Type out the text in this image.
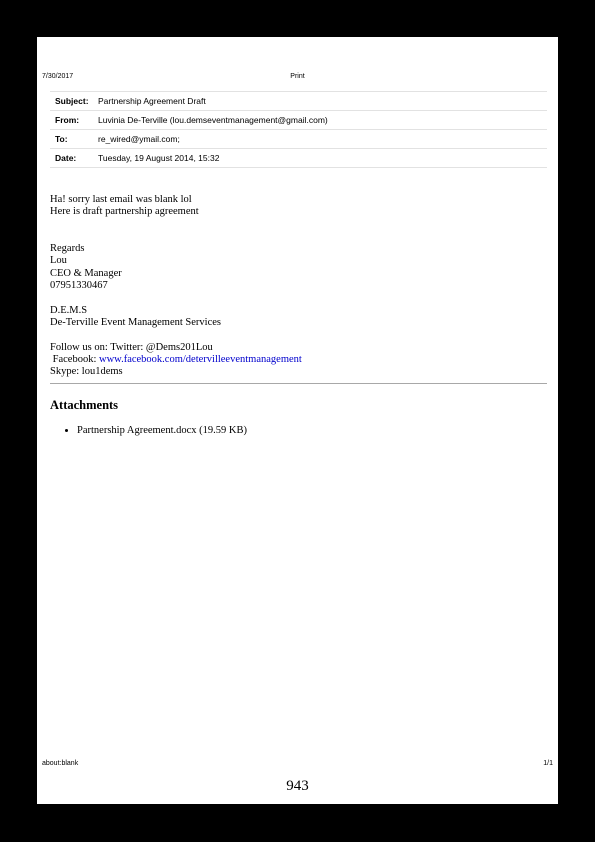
7/30/2017	Print
Subject:	Partnership Agreement Draft
From:	Luvinia De-Terville (lou.demseventmanagement@gmail.com)
To:	re_wired@ymail.com;
Date:	Tuesday, 19 August 2014, 15:32
Ha! sorry last email was blank lol
Here is draft partnership agreement
Regards
Lou
CEO & Manager
07951330467
D.E.M.S
De-Terville Event Management Services
Follow us on: Twitter: @Dems201Lou
Facebook: www.facebook.com/detervilleeventmanagement
Skype: lou1dems
Attachments
• Partnership Agreement.docx (19.59 KB)
about:blank	1/1
943
